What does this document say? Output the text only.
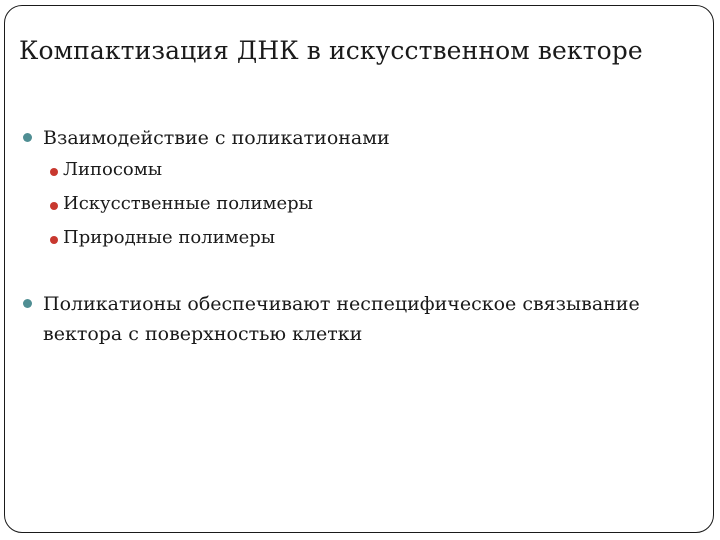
Компактизация ДНК в искусственном векторе
Взаимодействие с поликатионами
Липосомы
Искусственные полимеры
Природные полимеры
Поликатионы обеспечивают неспецифическое связывание
вектора с поверхностью клетки
